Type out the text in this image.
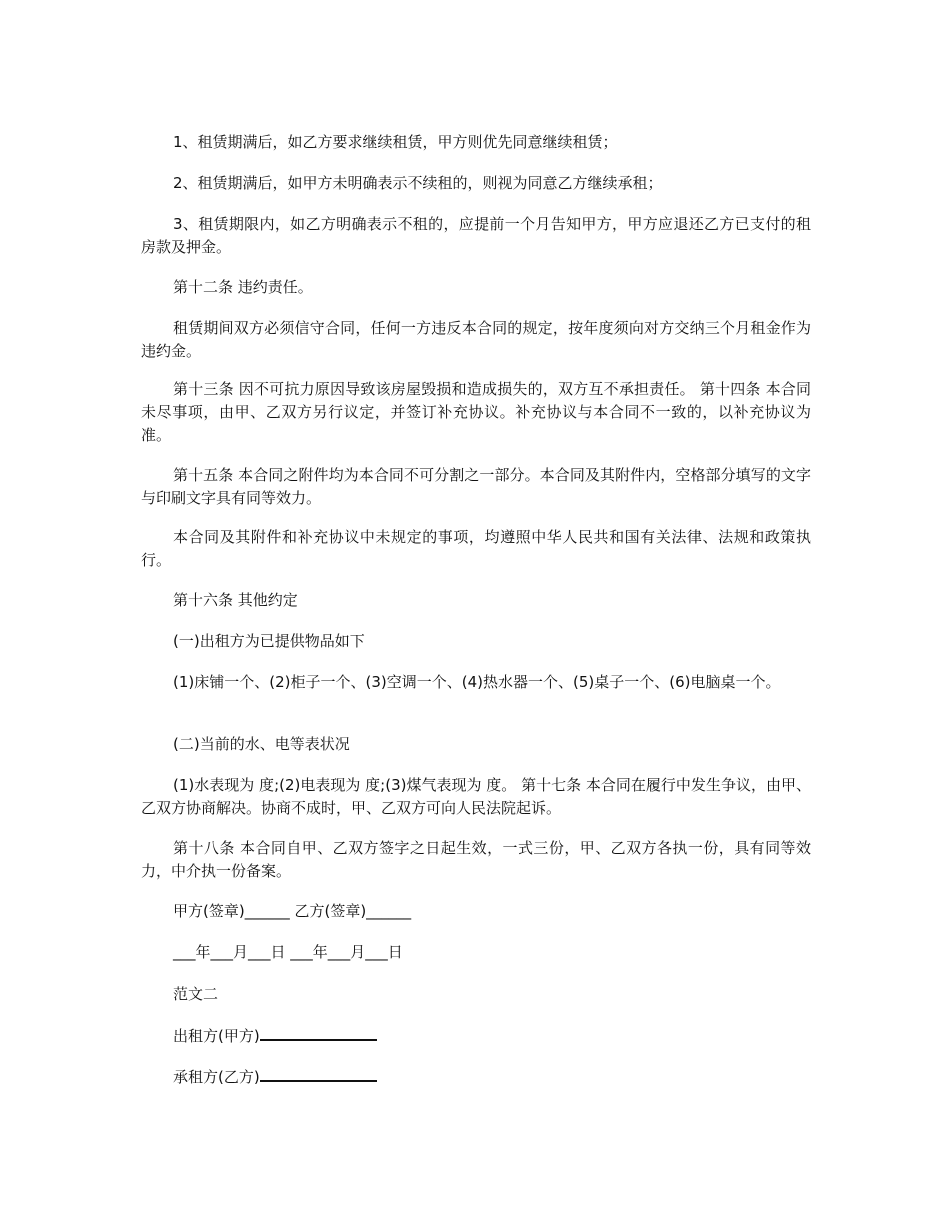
1、租赁期满后，如乙方要求继续租赁，甲方则优先同意继续租赁；

2、租赁期满后，如甲方未明确表示不续租的，则视为同意乙方继续承租；

3、租赁期限内，如乙方明确表示不租的，应提前一个月告知甲方，甲方应退还乙方已支付的租房款及押金。

第十二条 违约责任。

租赁期间双方必须信守合同，任何一方违反本合同的规定，按年度须向对方交纳三个月租金作为违约金。

第十三条 因不可抗力原因导致该房屋毁损和造成损失的，双方互不承担责任。 第十四条 本合同未尽事项，由甲、乙双方另行议定，并签订补充协议。补充协议与本合同不一致的，以补充协议为准。

第十五条 本合同之附件均为本合同不可分割之一部分。本合同及其附件内，空格部分填写的文字与印刷文字具有同等效力。

本合同及其附件和补充协议中未规定的事项，均遵照中华人民共和国有关法律、法规和政策执行。

第十六条 其他约定

(一)出租方为已提供物品如下

(1)床铺一个、(2)柜子一个、(3)空调一个、(4)热水器一个、(5)桌子一个、(6)电脑桌一个。

(二)当前的水、电等表状况

(1)水表现为 度;(2)电表现为 度;(3)煤气表现为 度。 第十七条 本合同在履行中发生争议，由甲、乙双方协商解决。协商不成时，甲、乙双方可向人民法院起诉。

第十八条 本合同自甲、乙双方签字之日起生效，一式三份，甲、乙双方各执一份，具有同等效力，中介执一份备案。

甲方(签章)______ 乙方(签章)______

___年___月___日 ___年___月___日

范文二

出租方(甲方)

承租方(乙方)
